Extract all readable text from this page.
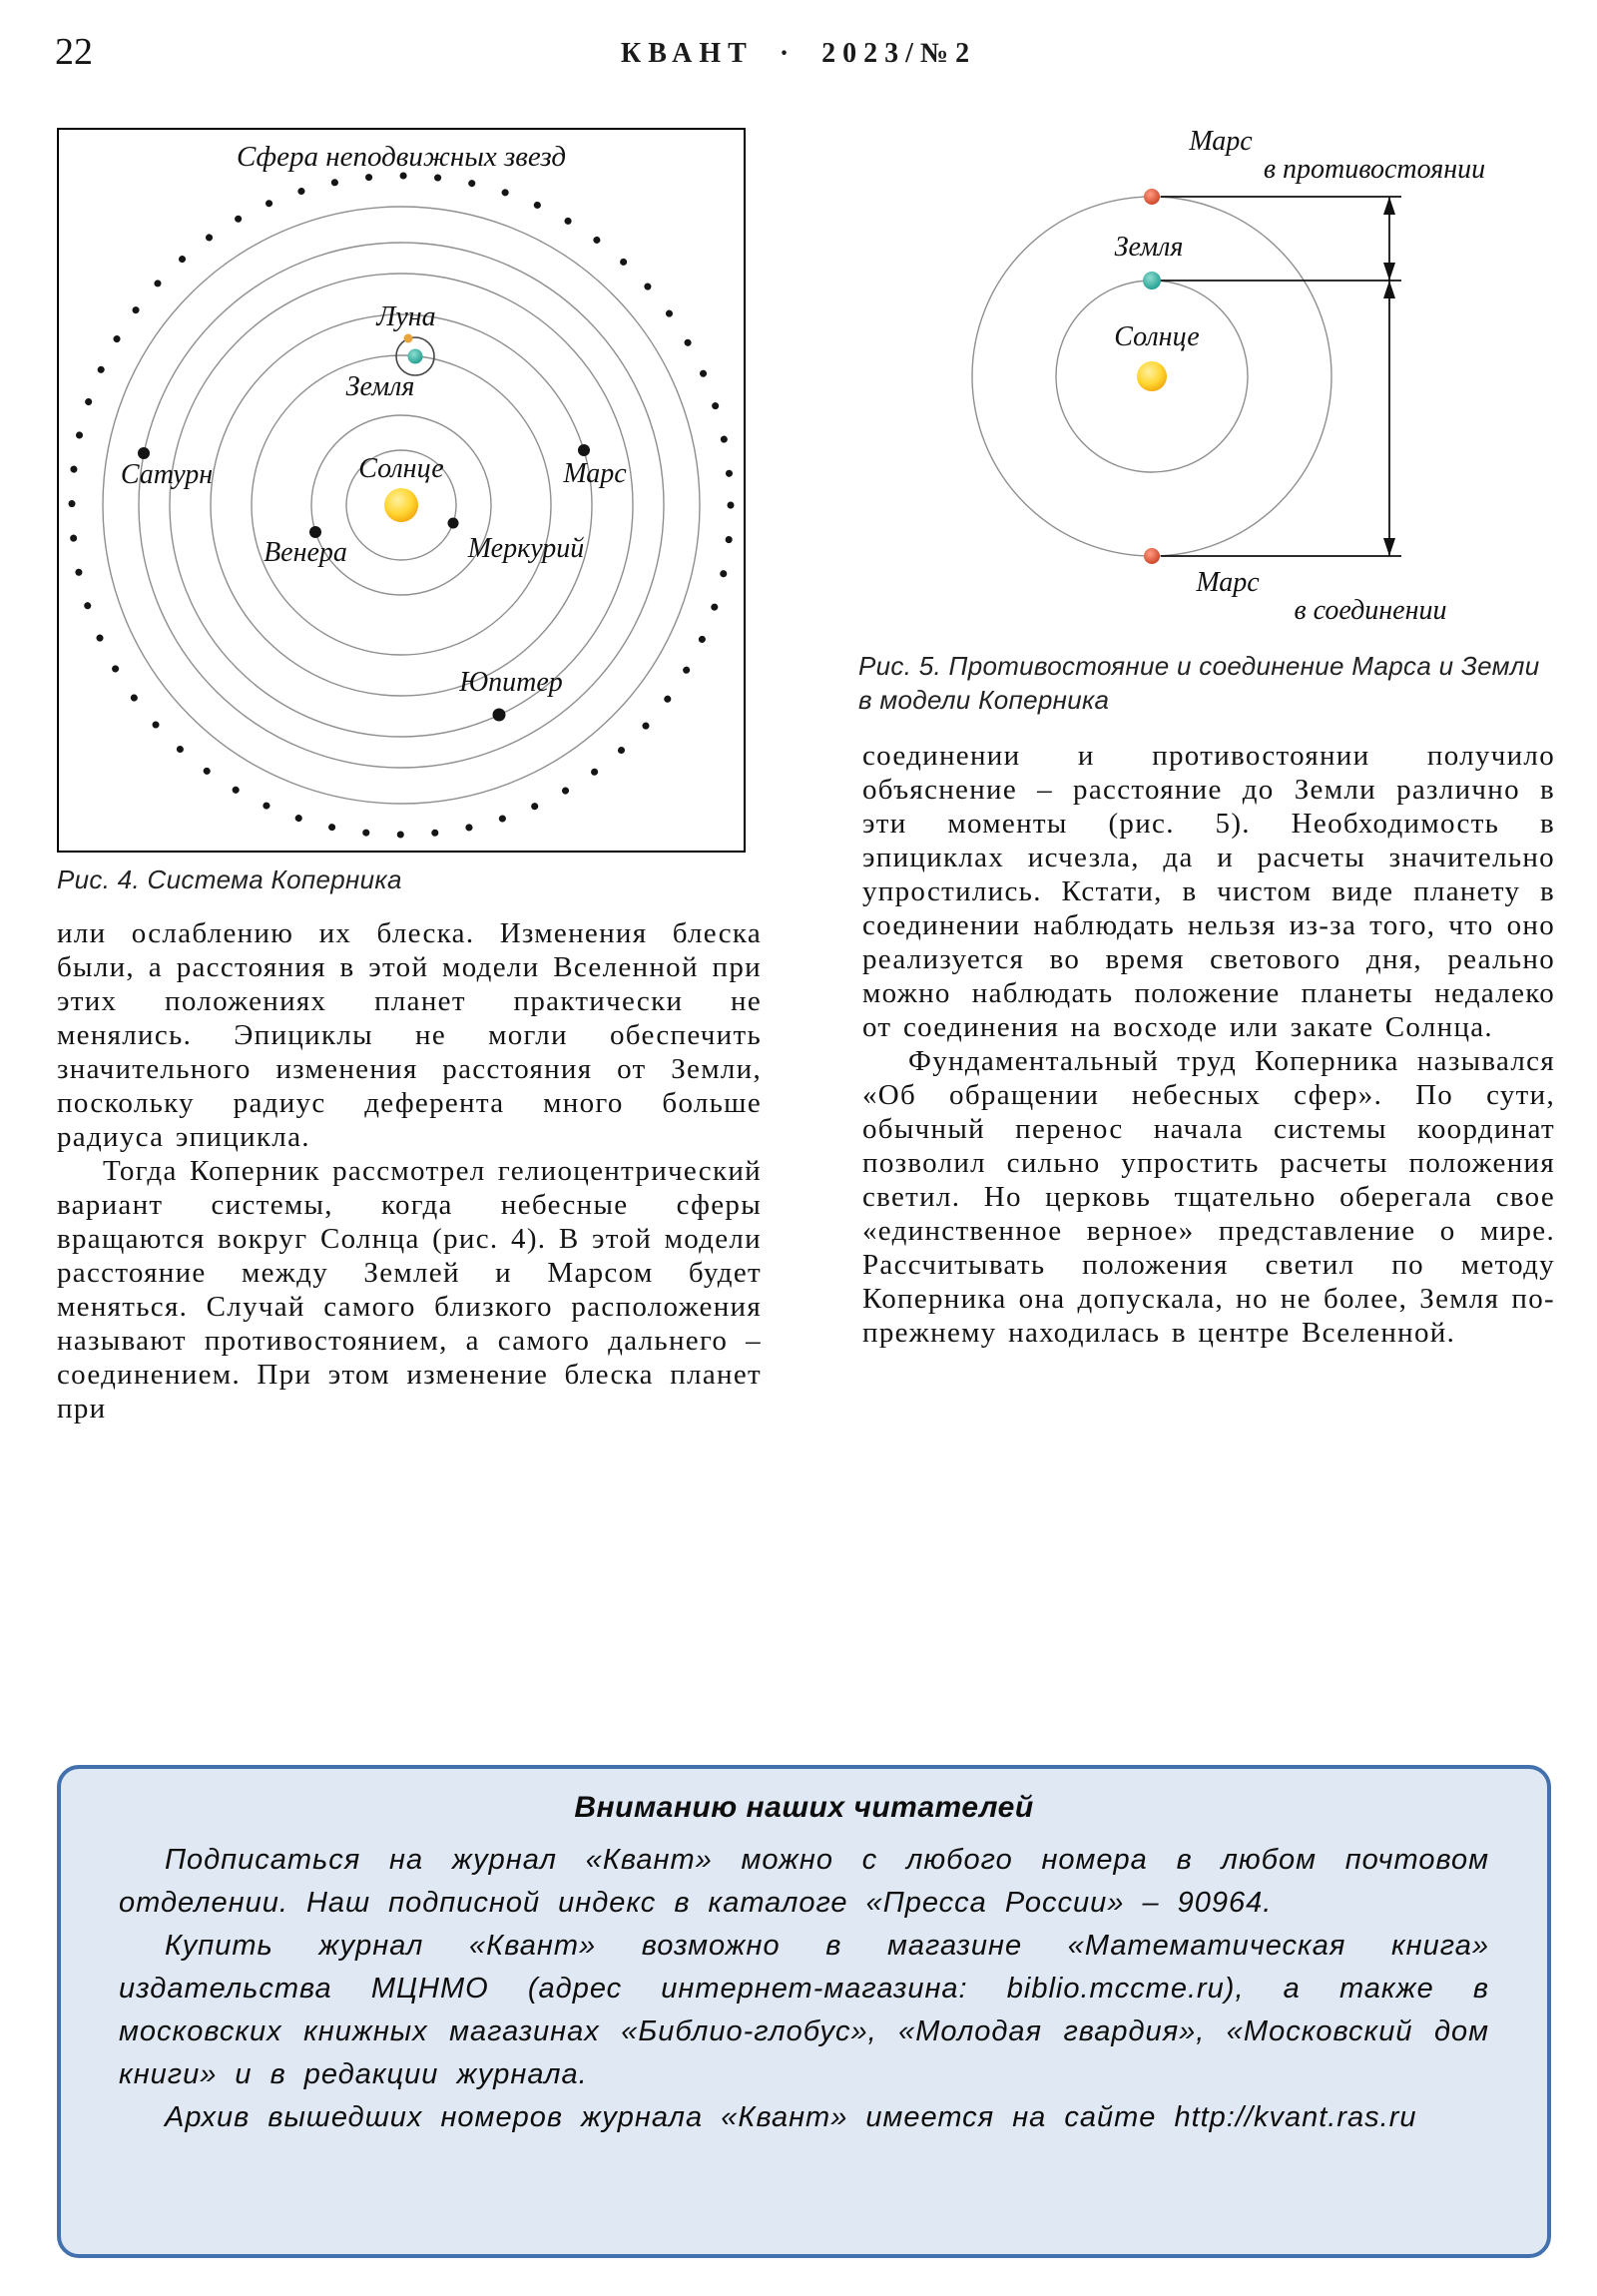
22	КВАНТ · 2023/№2
Сфера неподвижных звезд
Луна
Земля
Сатурн	Солнце	Марс
Венера	Меркурий
Юпитер
Рис. 4. Система Коперника
Марс
в противостоянии
Земля
Солнце
Марс
в соединении
Рис. 5. Противостояние и соединение Марса и Земли в модели Коперника

или ослаблению их блеска. Изменения блеска были, а расстояния в этой модели Вселенной при этих положениях планет практически не менялись. Эпициклы не могли обеспечить значительного изменения расстояния от Земли, поскольку радиус деферента много больше радиуса эпицикла.

Тогда Коперник рассмотрел гелиоцентрический вариант системы, когда небесные сферы вращаются вокруг Солнца (рис. 4). В этой модели расстояние между Землей и Марсом будет меняться. Случай самого близкого расположения называют противостоянием, а самого дальнего – соединением. При этом изменение блеска планет при

соединении и противостоянии получило объяснение – расстояние до Земли различно в эти моменты (рис. 5). Необходимость в эпициклах исчезла, да и расчеты значительно упростились. Кстати, в чистом виде планету в соединении наблюдать нельзя из-за того, что оно реализуется во время светового дня, реально можно наблюдать положение планеты недалеко от соединения на восходе или закате Солнца.

Фундаментальный труд Коперника назывался «Об обращении небесных сфер». По сути, обычный перенос начала системы координат позволил сильно упростить расчеты положения светил. Но церковь тщательно оберегала свое «единственное верное» представление о мире. Рассчитывать положения светил по методу Коперника она допускала, но не более, Земля по-прежнему находилась в центре Вселенной.

Вниманию наших читателей

Подписаться на журнал «Квант» можно с любого номера в любом почтовом отделении. Наш подписной индекс в каталоге «Пресса России» – 90964.

Купить журнал «Квант» возможно в магазине «Математическая книга» издательства МЦНМО (адрес интернет-магазина: biblio.mccme.ru), а также в московских книжных магазинах «Библио-глобус», «Молодая гвардия», «Московский дом книги» и в редакции журнала.

Архив вышедших номеров журнала «Квант» имеется на сайте http://kvant.ras.ru
